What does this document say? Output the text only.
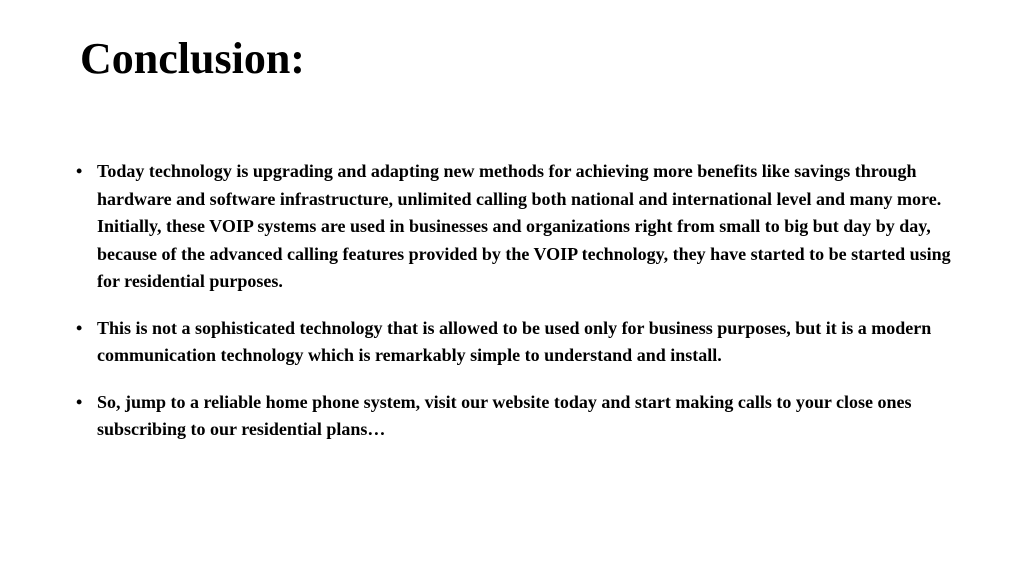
Conclusion:
• Today technology is upgrading and adapting new methods for achieving more benefits like savings through hardware and software infrastructure, unlimited calling both national and international level and many more. Initially, these VOIP systems are used in businesses and organizations right from small to big but day by day, because of the advanced calling features provided by the VOIP technology, they have started to be started using for residential purposes.
• This is not a sophisticated technology that is allowed to be used only for business purposes, but it is a modern communication technology which is remarkably simple to understand and install.
• So, jump to a reliable home phone system, visit our website today and start making calls to your close ones subscribing to our residential plans…
